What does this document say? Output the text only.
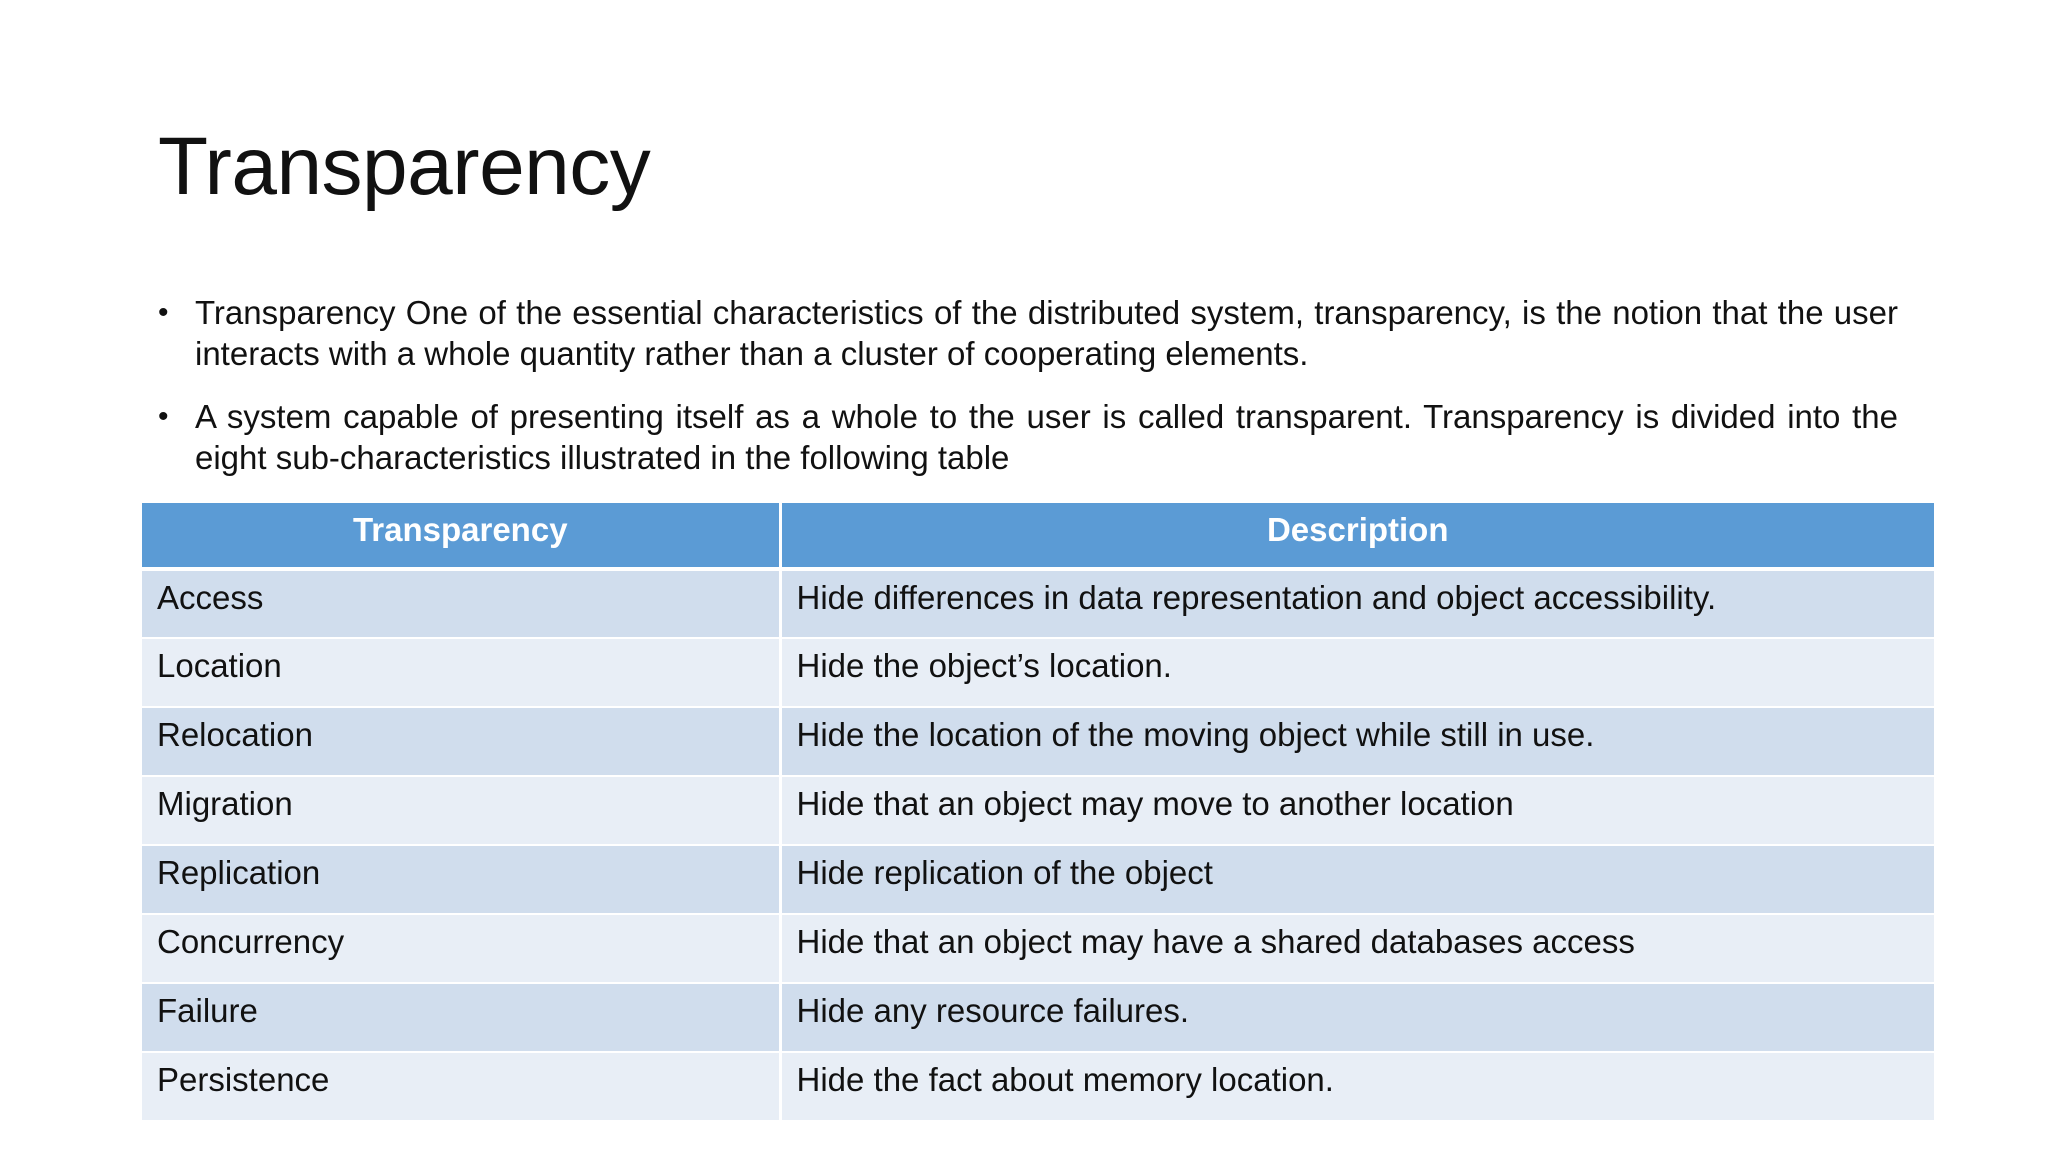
Transparency
• Transparency One of the essential characteristics of the distributed system, transparency, is the notion that the user interacts with a whole quantity rather than a cluster of cooperating elements.
• A system capable of presenting itself as a whole to the user is called transparent. Transparency is divided into the eight sub-characteristics illustrated in the following table
Transparency	Description
Access	Hide differences in data representation and object accessibility.
Location	Hide the object’s location.
Relocation	Hide the location of the moving object while still in use.
Migration	Hide that an object may move to another location
Replication	Hide replication of the object
Concurrency	Hide that an object may have a shared databases access
Failure	Hide any resource failures.
Persistence	Hide the fact about memory location.
